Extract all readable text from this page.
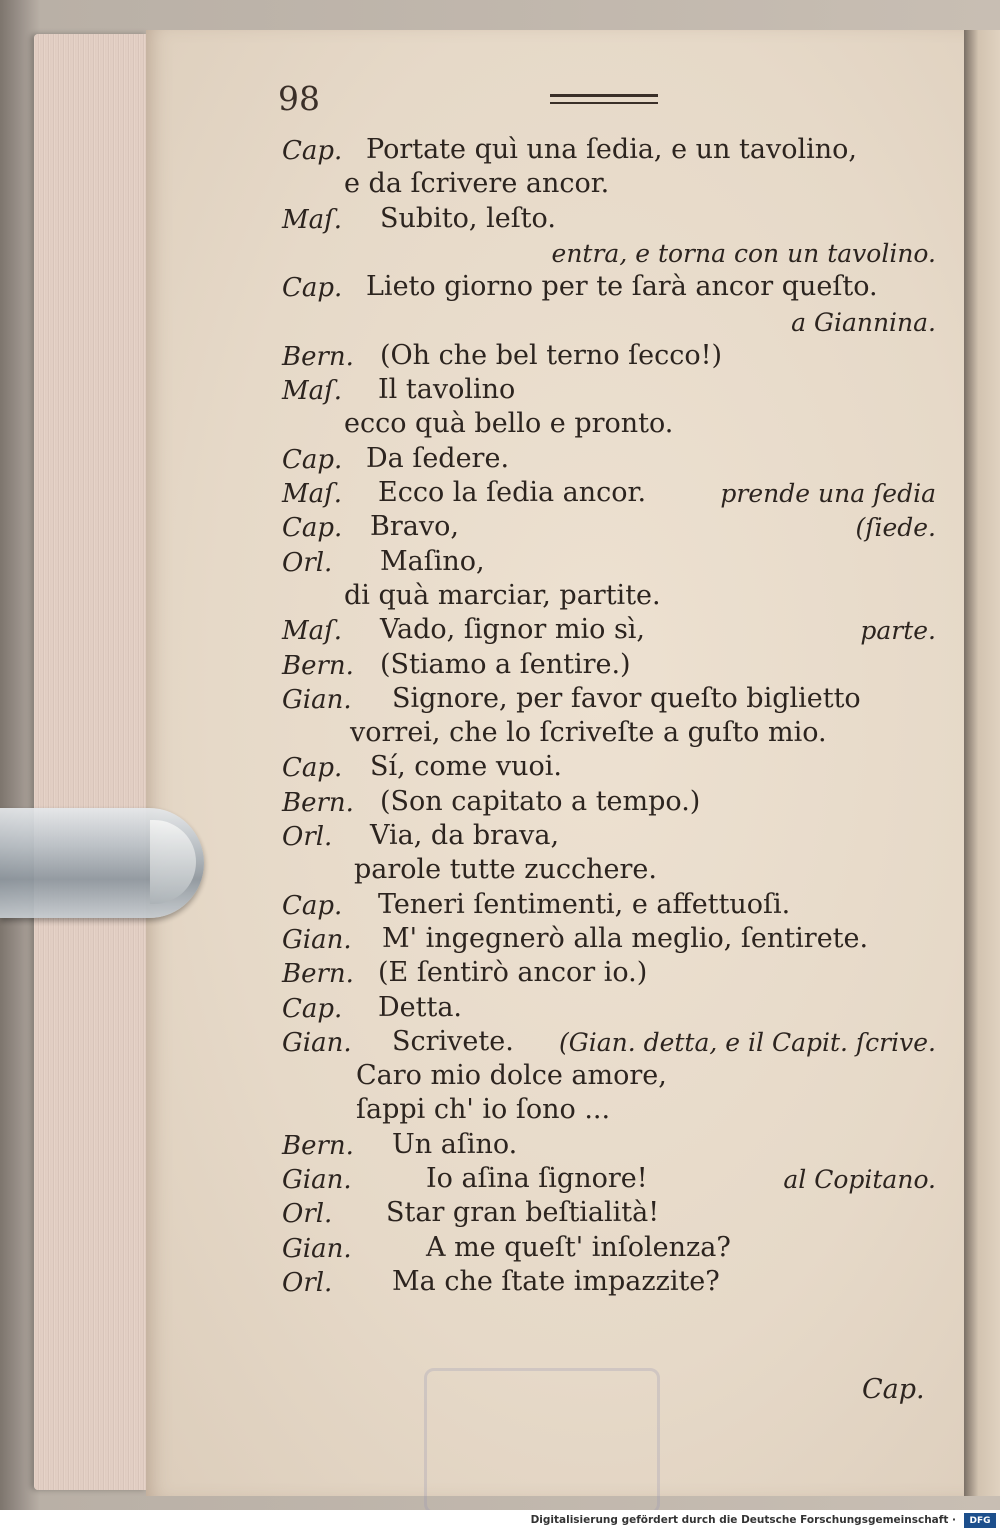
98
Cap. Portate quì una ſedia, e un tavolino,
e da ſcrivere ancor.
Maſ. Subito, leſto.
entra, e torna con un tavolino.
Cap. Lieto giorno per te ſarà ancor queſto.
a Giannina.
Bern. (Oh che bel terno ſecco!)
Maſ. Il tavolino
ecco quà bello e pronto.
Cap. Da ſedere.
Maſ. Ecco la ſedia ancor.	prende una ſedia
Cap. Bravo,	(ſiede.
Orl. Maſino,
di quà marciar, partite.
Maſ. Vado, ſignor mio sì,	parte.
Bern. (Stiamo a ſentire.)
Gian. Signore, per favor queſto biglietto
vorrei, che lo ſcriveſte a guſto mio.
Cap. Sí, come vuoi.
Bern. (Son capitato a tempo.)
Orl. Via, da brava,
parole tutte zucchere.
Cap. Teneri ſentimenti, e affettuoſi.
Gian. M' ingegnerò alla meglio, ſentirete.
Bern. (E ſentirò ancor io.)
Cap. Detta.
Gian. Scrivete. (Gian. detta, e il Capit. ſcrive.
Caro mio dolce amore,
ſappi ch' io ſono ...
Bern. Un aſino.
Gian.	Io aſina ſignore!	al Copitano.
Orl. Star gran beſtialità!
Gian.	A me queſt' inſolenza?
Orl. Ma che ſtate impazzite?
Cap.
Digitalisierung gefördert durch die Deutsche Forschungsgemeinschaft ·	DFG
